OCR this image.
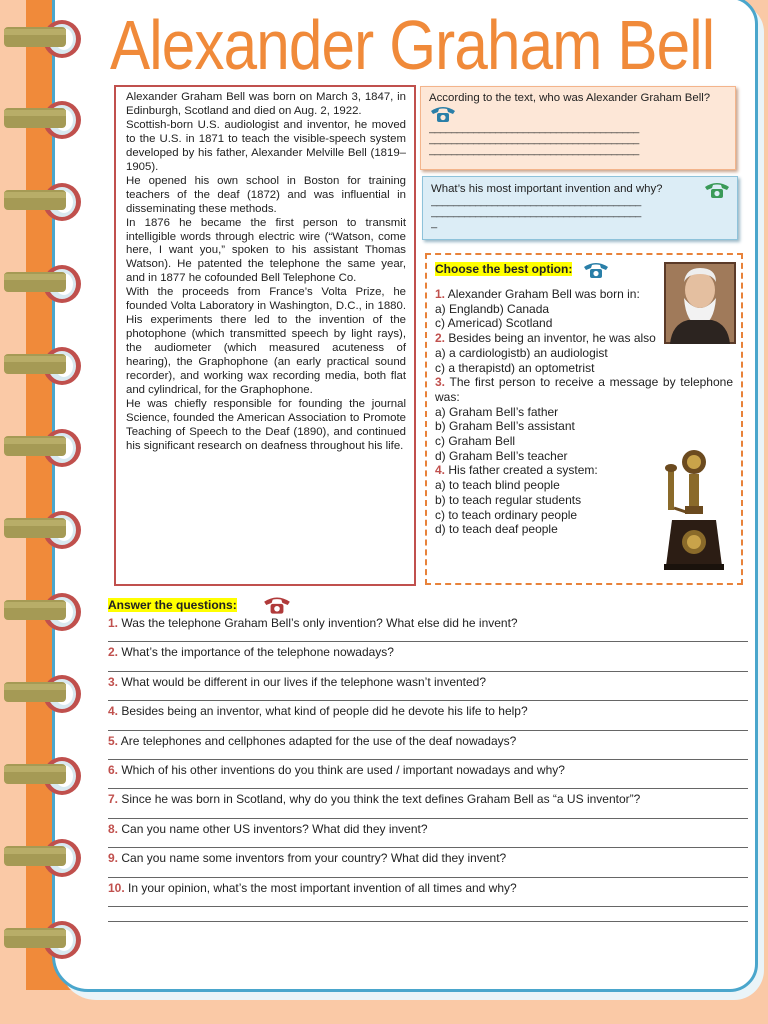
Alexander Graham Bell

Alexander Graham Bell was born on March 3, 1847, in Edinburgh, Scotland and died on Aug. 2, 1922.

Scottish-born U.S. audiologist and inventor, he moved to the U.S. in 1871 to teach the visible-speech system developed by his father, Alexander Melville Bell (1819–1905).

He opened his own school in Boston for training teachers of the deaf (1872) and was influential in disseminating these methods.

In 1876 he became the first person to transmit intelligible words through electric wire (“Watson, come here, I want you,” spoken to his assistant Thomas Watson). He patented the telephone the same year, and in 1877 he cofounded Bell Telephone Co.

With the proceeds from France’s Volta Prize, he founded Volta Laboratory in Washington, D.C., in 1880. His experiments there led to the invention of the photophone (which transmitted speech by light rays), the audiometer (which measured acuteness of hearing), the Graphophone (an early practical sound recorder), and working wax recording media, both flat and cylindrical, for the Graphophone.

He was chiefly responsible for founding the journal Science, founded the American Association to Promote Teaching of Speech to the Deaf (1890), and continued his significant research on deafness throughout his life.

According to the text, who was Alexander Graham Bell?
______________________________________
______________________________________
______________________________________
What’s his most important invention and why?
______________________________________
______________________________________
_
Choose the best option:
1. Alexander Graham Bell was born in:
a) Englandb) Canada
c) Americad) Scotland
2. Besides being an inventor, he was also
a) a cardiologistb) an audiologist
c) a therapistd) an optometrist
3. The first person to receive a message by telephone was:
a) Graham Bell’s father
b) Graham Bell’s assistant
c) Graham Bell
d) Graham Bell’s teacher
4. His father created a system:
a) to teach blind people
b) to teach regular students
c) to teach ordinary people
d) to teach deaf people
Answer the questions:
1. Was the telephone Graham Bell’s only invention? What else did he invent?
2. What’s the importance of the telephone nowadays?
3. What would be different in our lives if the telephone wasn’t invented?
4. Besides being an inventor, what kind of people did he devote his life to help?
5. Are telephones and cellphones adapted for the use of the deaf nowadays?
6. Which of his other inventions do you think are used / important nowadays and why?
7. Since he was born in Scotland, why do you think the text defines Graham Bell as “a US inventor”?
8. Can you name other US inventors? What did they invent?
9. Can you name some inventors from your country? What did they invent?
10. In your opinion, what’s the most important invention of all times and why?
